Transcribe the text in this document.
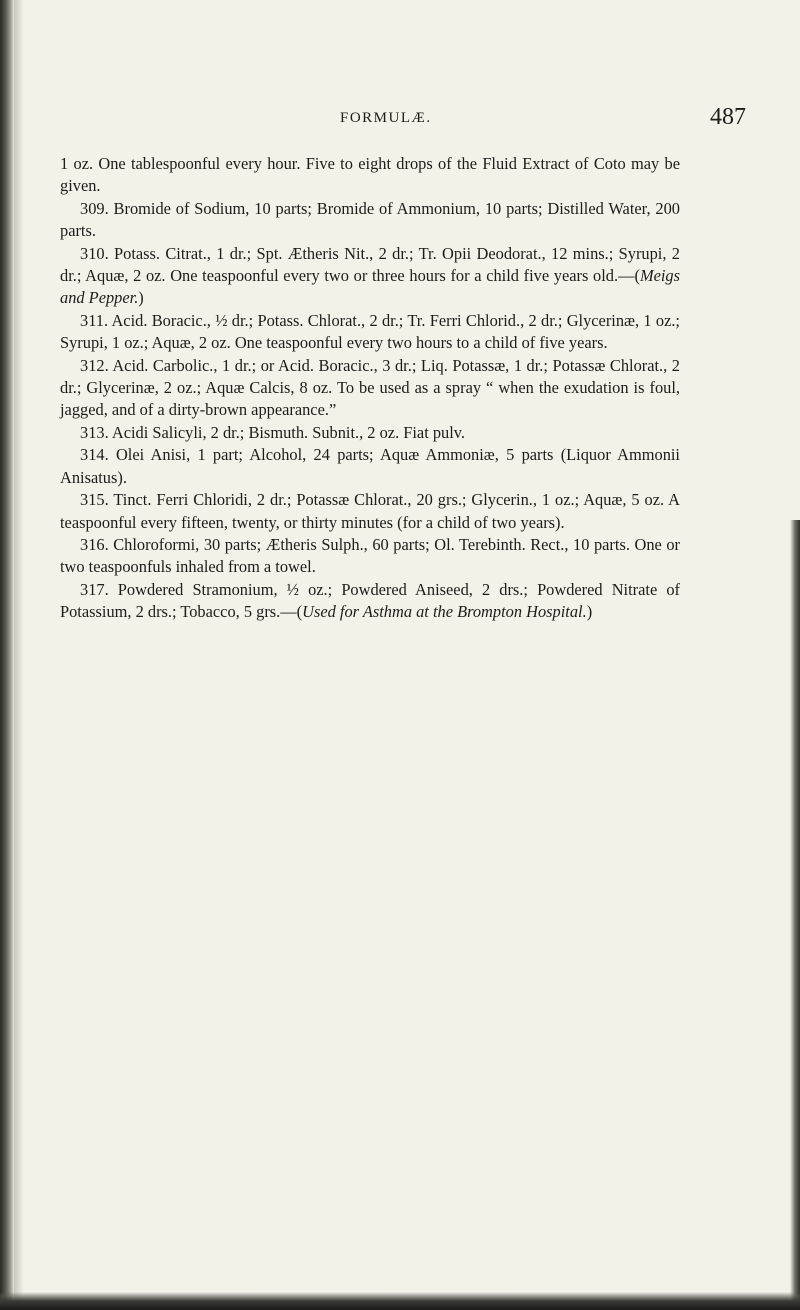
FORMULÆ.	487

1 oz. One tablespoonful every hour. Five to eight drops of the Fluid Extract of Coto may be given.

309. Bromide of Sodium, 10 parts; Bromide of Ammonium, 10 parts; Distilled Water, 200 parts.

310. Potass. Citrat., 1 dr.; Spt. Ætheris Nit., 2 dr.; Tr. Opii Deodorat., 12 mins.; Syrupi, 2 dr.; Aquæ, 2 oz. One teaspoonful every two or three hours for a child five years old.—(Meigs and Pepper.)

311. Acid. Boracic., ½ dr.; Potass. Chlorat., 2 dr.; Tr. Ferri Chlorid., 2 dr.; Glycerinæ, 1 oz.; Syrupi, 1 oz.; Aquæ, 2 oz. One teaspoonful every two hours to a child of five years.

312. Acid. Carbolic., 1 dr.; or Acid. Boracic., 3 dr.; Liq. Potassæ, 1 dr.; Potassæ Chlorat., 2 dr.; Glycerinæ, 2 oz.; Aquæ Calcis, 8 oz. To be used as a spray “ when the exudation is foul, jagged, and of a dirty-brown appearance.”

313. Acidi Salicyli, 2 dr.; Bismuth. Subnit., 2 oz. Fiat pulv.

314. Olei Anisi, 1 part; Alcohol, 24 parts; Aquæ Ammoniæ, 5 parts (Liquor Ammonii Anisatus).

315. Tinct. Ferri Chloridi, 2 dr.; Potassæ Chlorat., 20 grs.; Glycerin., 1 oz.; Aquæ, 5 oz. A teaspoonful every fifteen, twenty, or thirty minutes (for a child of two years).

316. Chloroformi, 30 parts; Ætheris Sulph., 60 parts; Ol. Terebinth. Rect., 10 parts. One or two teaspoonfuls inhaled from a towel.

317. Powdered Stramonium, ½ oz.; Powdered Aniseed, 2 drs.; Powdered Nitrate of Potassium, 2 drs.; Tobacco, 5 grs.—(Used for Asthma at the Brompton Hospital.)
